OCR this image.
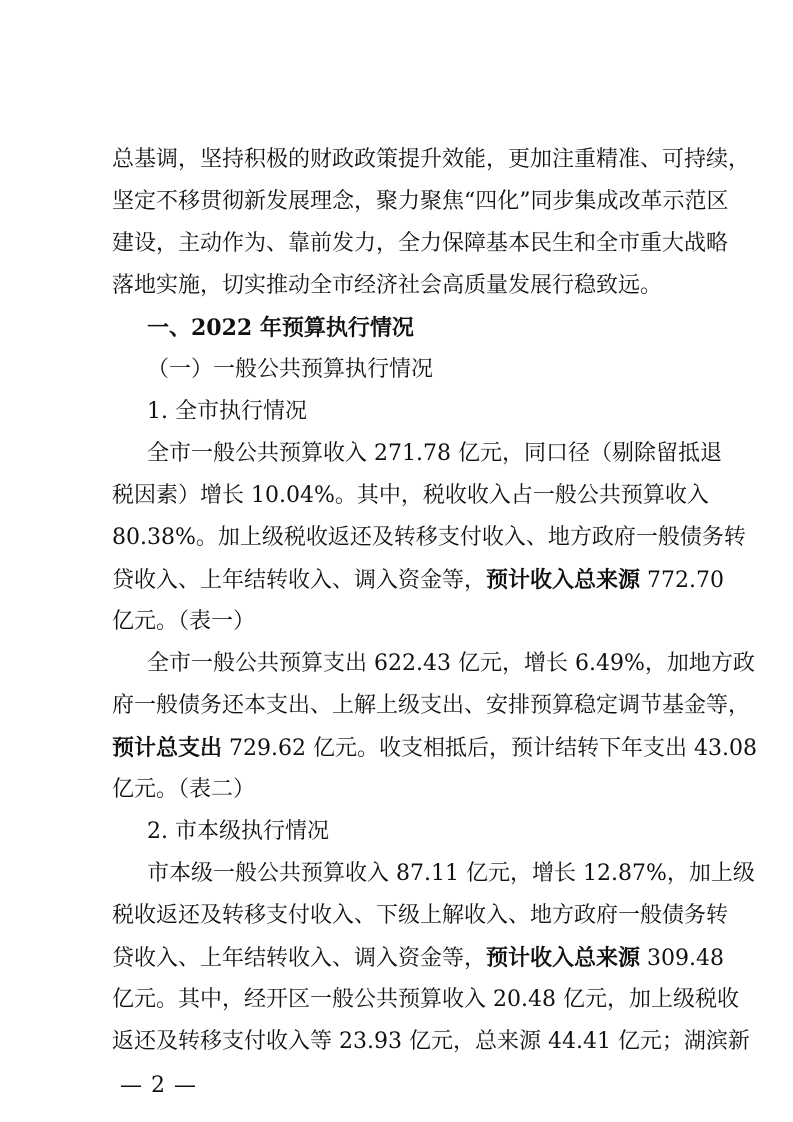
总基调，坚持积极的财政政策提升效能，更加注重精准、可持续，
坚定不移贯彻新发展理念，聚力聚焦“四化”同步集成改革示范区
建设，主动作为、靠前发力，全力保障基本民生和全市重大战略
落地实施，切实推动全市经济社会高质量发展行稳致远。
一、2022 年预算执行情况
（一）一般公共预算执行情况
1. 全市执行情况
全市一般公共预算收入 271.78 亿元，同口径（剔除留抵退
税因素）增长 10.04%。其中，税收收入占一般公共预算收入
80.38%。加上级税收返还及转移支付收入、地方政府一般债务转
贷收入、上年结转收入、调入资金等，预计收入总来源 772.70
亿元。（表一）
全市一般公共预算支出 622.43 亿元，增长 6.49%，加地方政
府一般债务还本支出、上解上级支出、安排预算稳定调节基金等，
预计总支出 729.62 亿元。收支相抵后，预计结转下年支出 43.08
亿元。（表二）
2. 市本级执行情况
市本级一般公共预算收入 87.11 亿元，增长 12.87%，加上级
税收返还及转移支付收入、下级上解收入、地方政府一般债务转
贷收入、上年结转收入、调入资金等，预计收入总来源 309.48
亿元。其中，经开区一般公共预算收入 20.48 亿元，加上级税收
返还及转移支付收入等 23.93 亿元，总来源 44.41 亿元；湖滨新
— 2 —
